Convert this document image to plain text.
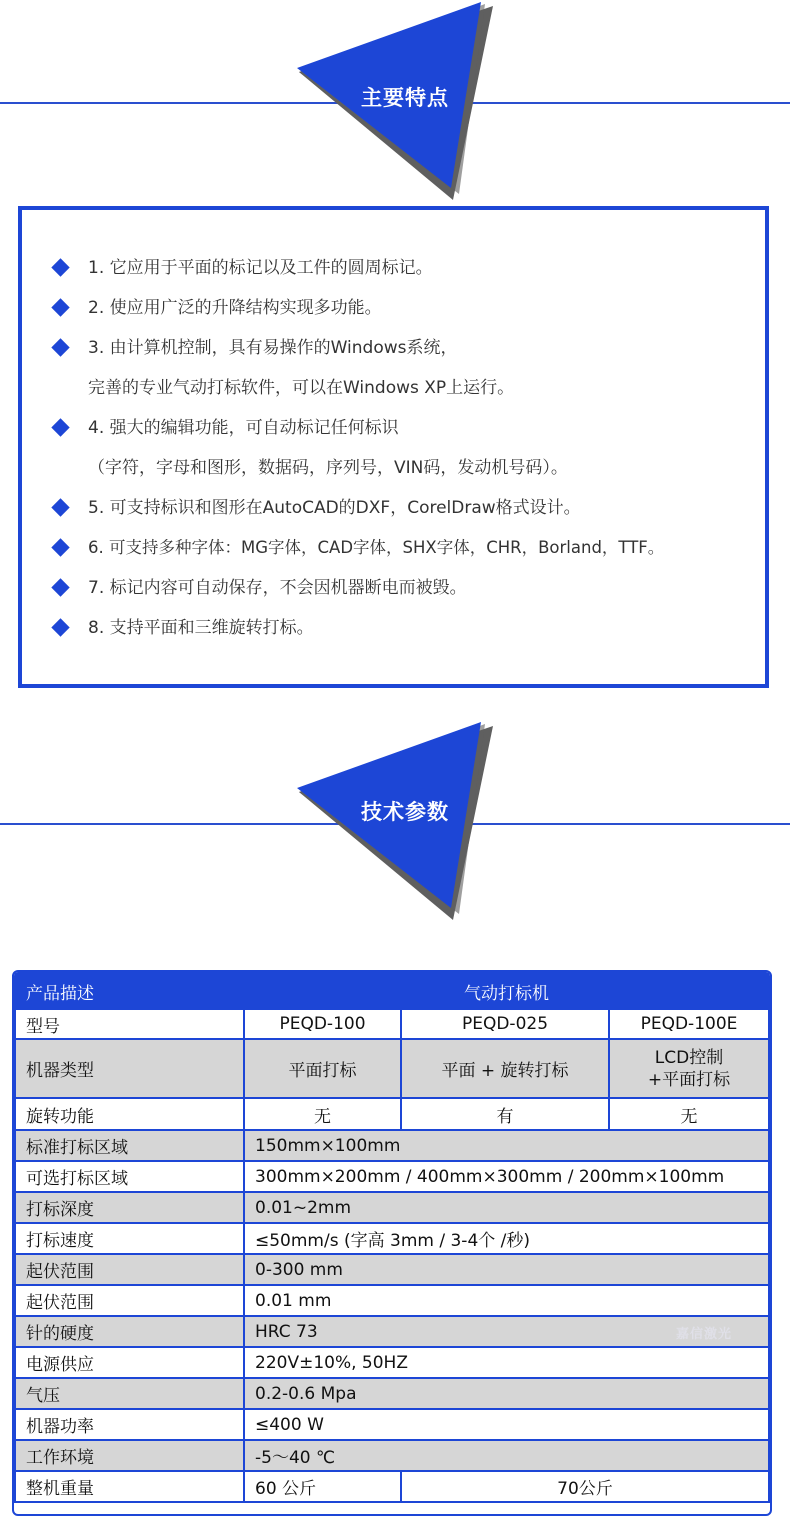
主要特点
1. 它应用于平面的标记以及工件的圆周标记。
2. 使应用广泛的升降结构实现多功能。
3. 由计算机控制，具有易操作的Windows系统，
完善的专业气动打标软件，可以在Windows XP上运行。
4. 强大的编辑功能，可自动标记任何标识
（字符，字母和图形，数据码，序列号，VIN码，发动机号码）。
5. 可支持标识和图形在AutoCAD的DXF，CorelDraw格式设计。
6. 可支持多种字体：MG字体，CAD字体，SHX字体，CHR，Borland，TTF。
7. 标记内容可自动保存，不会因机器断电而被毁。
8. 支持平面和三维旋转打标。
技术参数
产品描述	气动打标机		
型号	PEQD-100	PEQD-025	PEQD-100E
机器类型	平面打标	平面 + 旋转打标	LCD控制
+平面打标
旋转功能	无	有	无
标准打标区域	150mm×100mm		
可选打标区域	300mm×200mm / 400mm×300mm / 200mm×100mm		
打标深度	0.01~2mm		
打标速度	≤50mm/s (字高 3mm / 3-4个 /秒)		
起伏范围	0-300 mm		
起伏范围	0.01 mm		
针的硬度	HRC 73 嘉信激光		

电源供应	220V±10%, 50HZ		
气压	0.2-0.6 Mpa		
机器功率	≤400 W		
工作环境	-5～40 ℃		
整机重量	60 公斤	70公斤	
